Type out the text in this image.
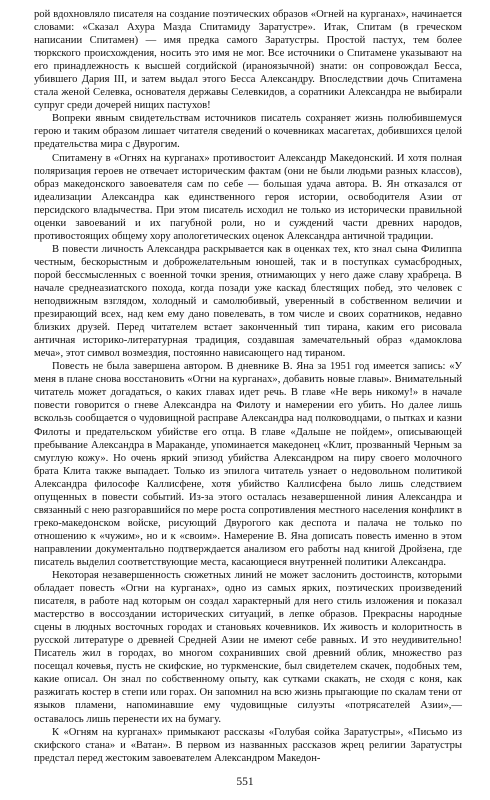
рой вдохновляло писателя на создание поэтических образов «Огней на курганах», начинается словами: «Сказал Ахура Мазда Спитамиду Заратустре». Итак, Спитам (в греческом написании Спитамен) — имя предка самого Заратустры. Простой пастух, тем более тюркского происхождения, носить это имя не мог. Все источники о Спитамене указывают на его принадлежность к высшей согдийской (ираноязычной) знати: он сопровождал Бесса, убившего Дария III, и затем выдал этого Бесса Александру. Впоследствии дочь Спитамена стала женой Селевка, основателя державы Селевкидов, а соратники Александра не выбирали супруг среди дочерей нищих пастухов!

Вопреки явным свидетельствам источников писатель сохраняет жизнь полюбившемуся герою и таким образом лишает читателя сведений о кочевниках масагетах, добившихся целой предательства мира с Двурогим.

Спитамену в «Огнях на курганах» противостоит Александр Македонский. И хотя полная поляризация героев не отвечает историческим фактам (они не были людьми разных классов), образ македонского завоевателя сам по себе — большая удача автора. В. Ян отказался от идеализации Александра как единственного героя истории, освободителя Азии от персидского владычества. При этом писатель исходил не только из исторически правильной оценки завоеваний и их пагубной роли, но и суждений части древних народов, противостоящих общему хору апологетических оценок Александра античной традиции.

В повести личность Александра раскрывается как в оценках тех, кто знал сына Филиппа честным, бескорыстным и доброжелательным юношей, так и в поступках сумасбродных, порой бессмысленных с военной точки зрения, отнимающих у него даже славу храбреца. В начале среднеазиатского похода, когда позади уже каскад блестящих побед, это человек с неподвижным взглядом, холодный и самолюбивый, уверенный в собственном величии и презирающий всех, над кем ему дано повелевать, в том числе и своих соратников, недавно близких друзей. Перед читателем встает законченный тип тирана, каким его рисовала античная историко-литературная традиция, создавшая замечательный образ «дамоклова меча», этот символ возмездия, постоянно нависающего над тираном.

Повесть не была завершена автором. В дневнике В. Яна за 1951 год имеется запись: «У меня в плане снова восстановить «Огни на курганах», добавить новые главы». Внимательный читатель может догадаться, о каких главах идет речь. В главе «Не верь никому!» в начале повести говорится о гневе Александра на Филоту и намерении его убить. Но далее лишь вскользь сообщается о чудовищной расправе Александра над полководцами, о пытках и казни Филоты и предательском убийстве его отца. В главе «Дальше не пойдем», описывающей пребывание Александра в Мараканде, упоминается македонец «Клит, прозванный Черным за смуглую кожу». Но очень яркий эпизод убийства Александром на пиру своего молочного брата Клита также выпадает. Только из эпилога читатель узнает о недовольном политикой Александра философе Каллисфене, хотя убийство Каллисфена было лишь следствием опущенных в повести событий. Из-за этого осталась незавершенной линия Александра и связанный с нею разгоравшийся по мере роста сопротивления местного населения конфликт в греко-македонском войске, рисующий Двурогого как деспота и палача не только по отношению к «чужим», но и к «своим». Намерение В. Яна дописать повесть именно в этом направлении документально подтверждается анализом его работы над книгой Дройзена, где писатель выделил соответствующие места, касающиеся внутренней политики Александра.

Некоторая незавершенность сюжетных линий не может заслонить достоинств, которыми обладает повесть «Огни на курганах», одно из самых ярких, поэтических произведений писателя, в работе над которым он создал характерный для него стиль изложения и показал мастерство в воссоздании исторических ситуаций, в лепке образов. Прекрасны народные сцены в людных восточных городах и становьях кочевников. Их живость и колоритность в русской литературе о древней Средней Азии не имеют себе равных. И это неудивительно! Писатель жил в городах, во многом сохранивших свой древний облик, множество раз посещал кочевья, пусть не скифские, но туркменские, был свидетелем скачек, подобных тем, какие описал. Он знал по собственному опыту, как сутками скакать, не сходя с коня, как разжигать костер в степи или горах. Он запомнил на всю жизнь прыгающие по скалам тени от языков пламени, напоминавшие ему чудовищные силуэты «потрясателей Азии»,— оставалось лишь перенести их на бумагу.

К «Огням на курганах» примыкают рассказы «Голубая сойка Заратустры», «Письмо из скифского стана» и «Ватан». В первом из названных рассказов жрец религии Заратустры предстал перед жестоким завоевателем Александром Македон-

551
